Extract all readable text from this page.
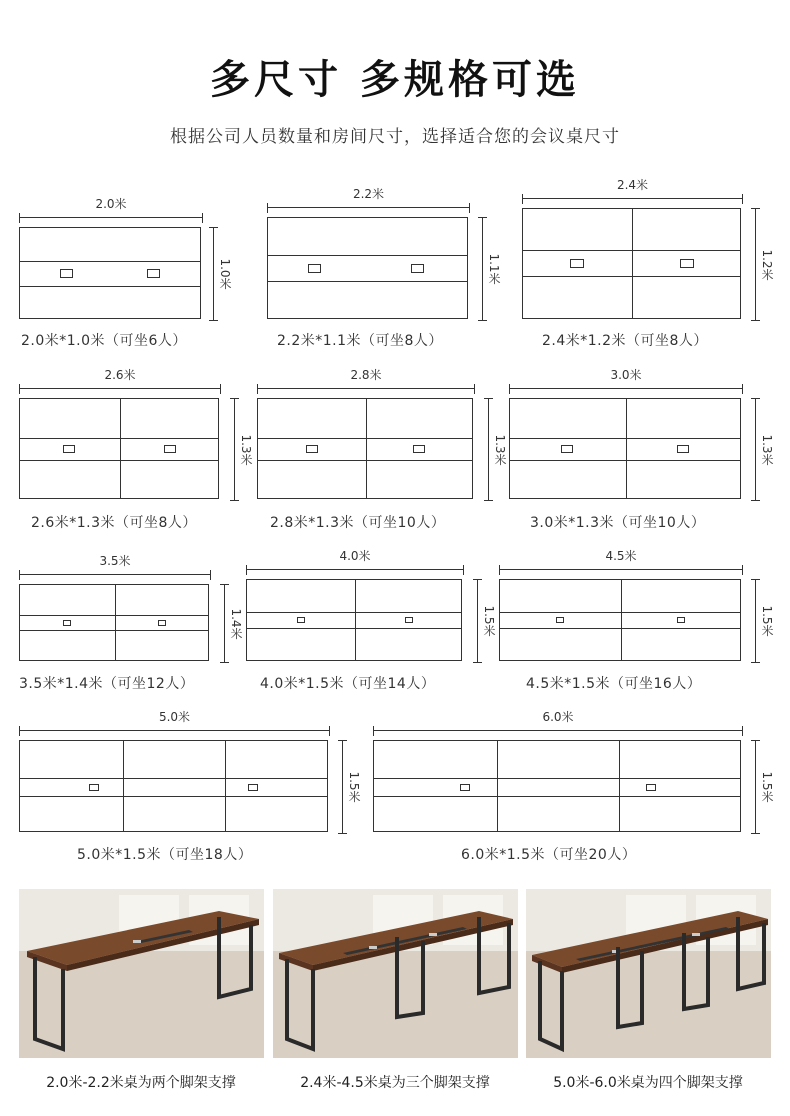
多尺寸 多规格可选
根据公司人员数量和房间尺寸，选择适合您的会议桌尺寸
2.0米
1.0米
2.0米*1.0米（可坐6人）
2.2米
1.1米
2.2米*1.1米（可坐8人）
2.4米
1.2米
2.4米*1.2米（可坐8人）
2.6米
1.3米
2.6米*1.3米（可坐8人）
2.8米
1.3米
2.8米*1.3米（可坐10人）
3.0米
1.3米
3.0米*1.3米（可坐10人）
3.5米
1.4米
3.5米*1.4米（可坐12人）
4.0米
1.5米
4.0米*1.5米（可坐14人）
4.5米
1.5米
4.5米*1.5米（可坐16人）
5.0米
1.5米
5.0米*1.5米（可坐18人）
6.0米
1.5米
6.0米*1.5米（可坐20人）
2.0米-2.2米桌为两个脚架支撑	2.4米-4.5米桌为三个脚架支撑	5.0米-6.0米桌为四个脚架支撑
